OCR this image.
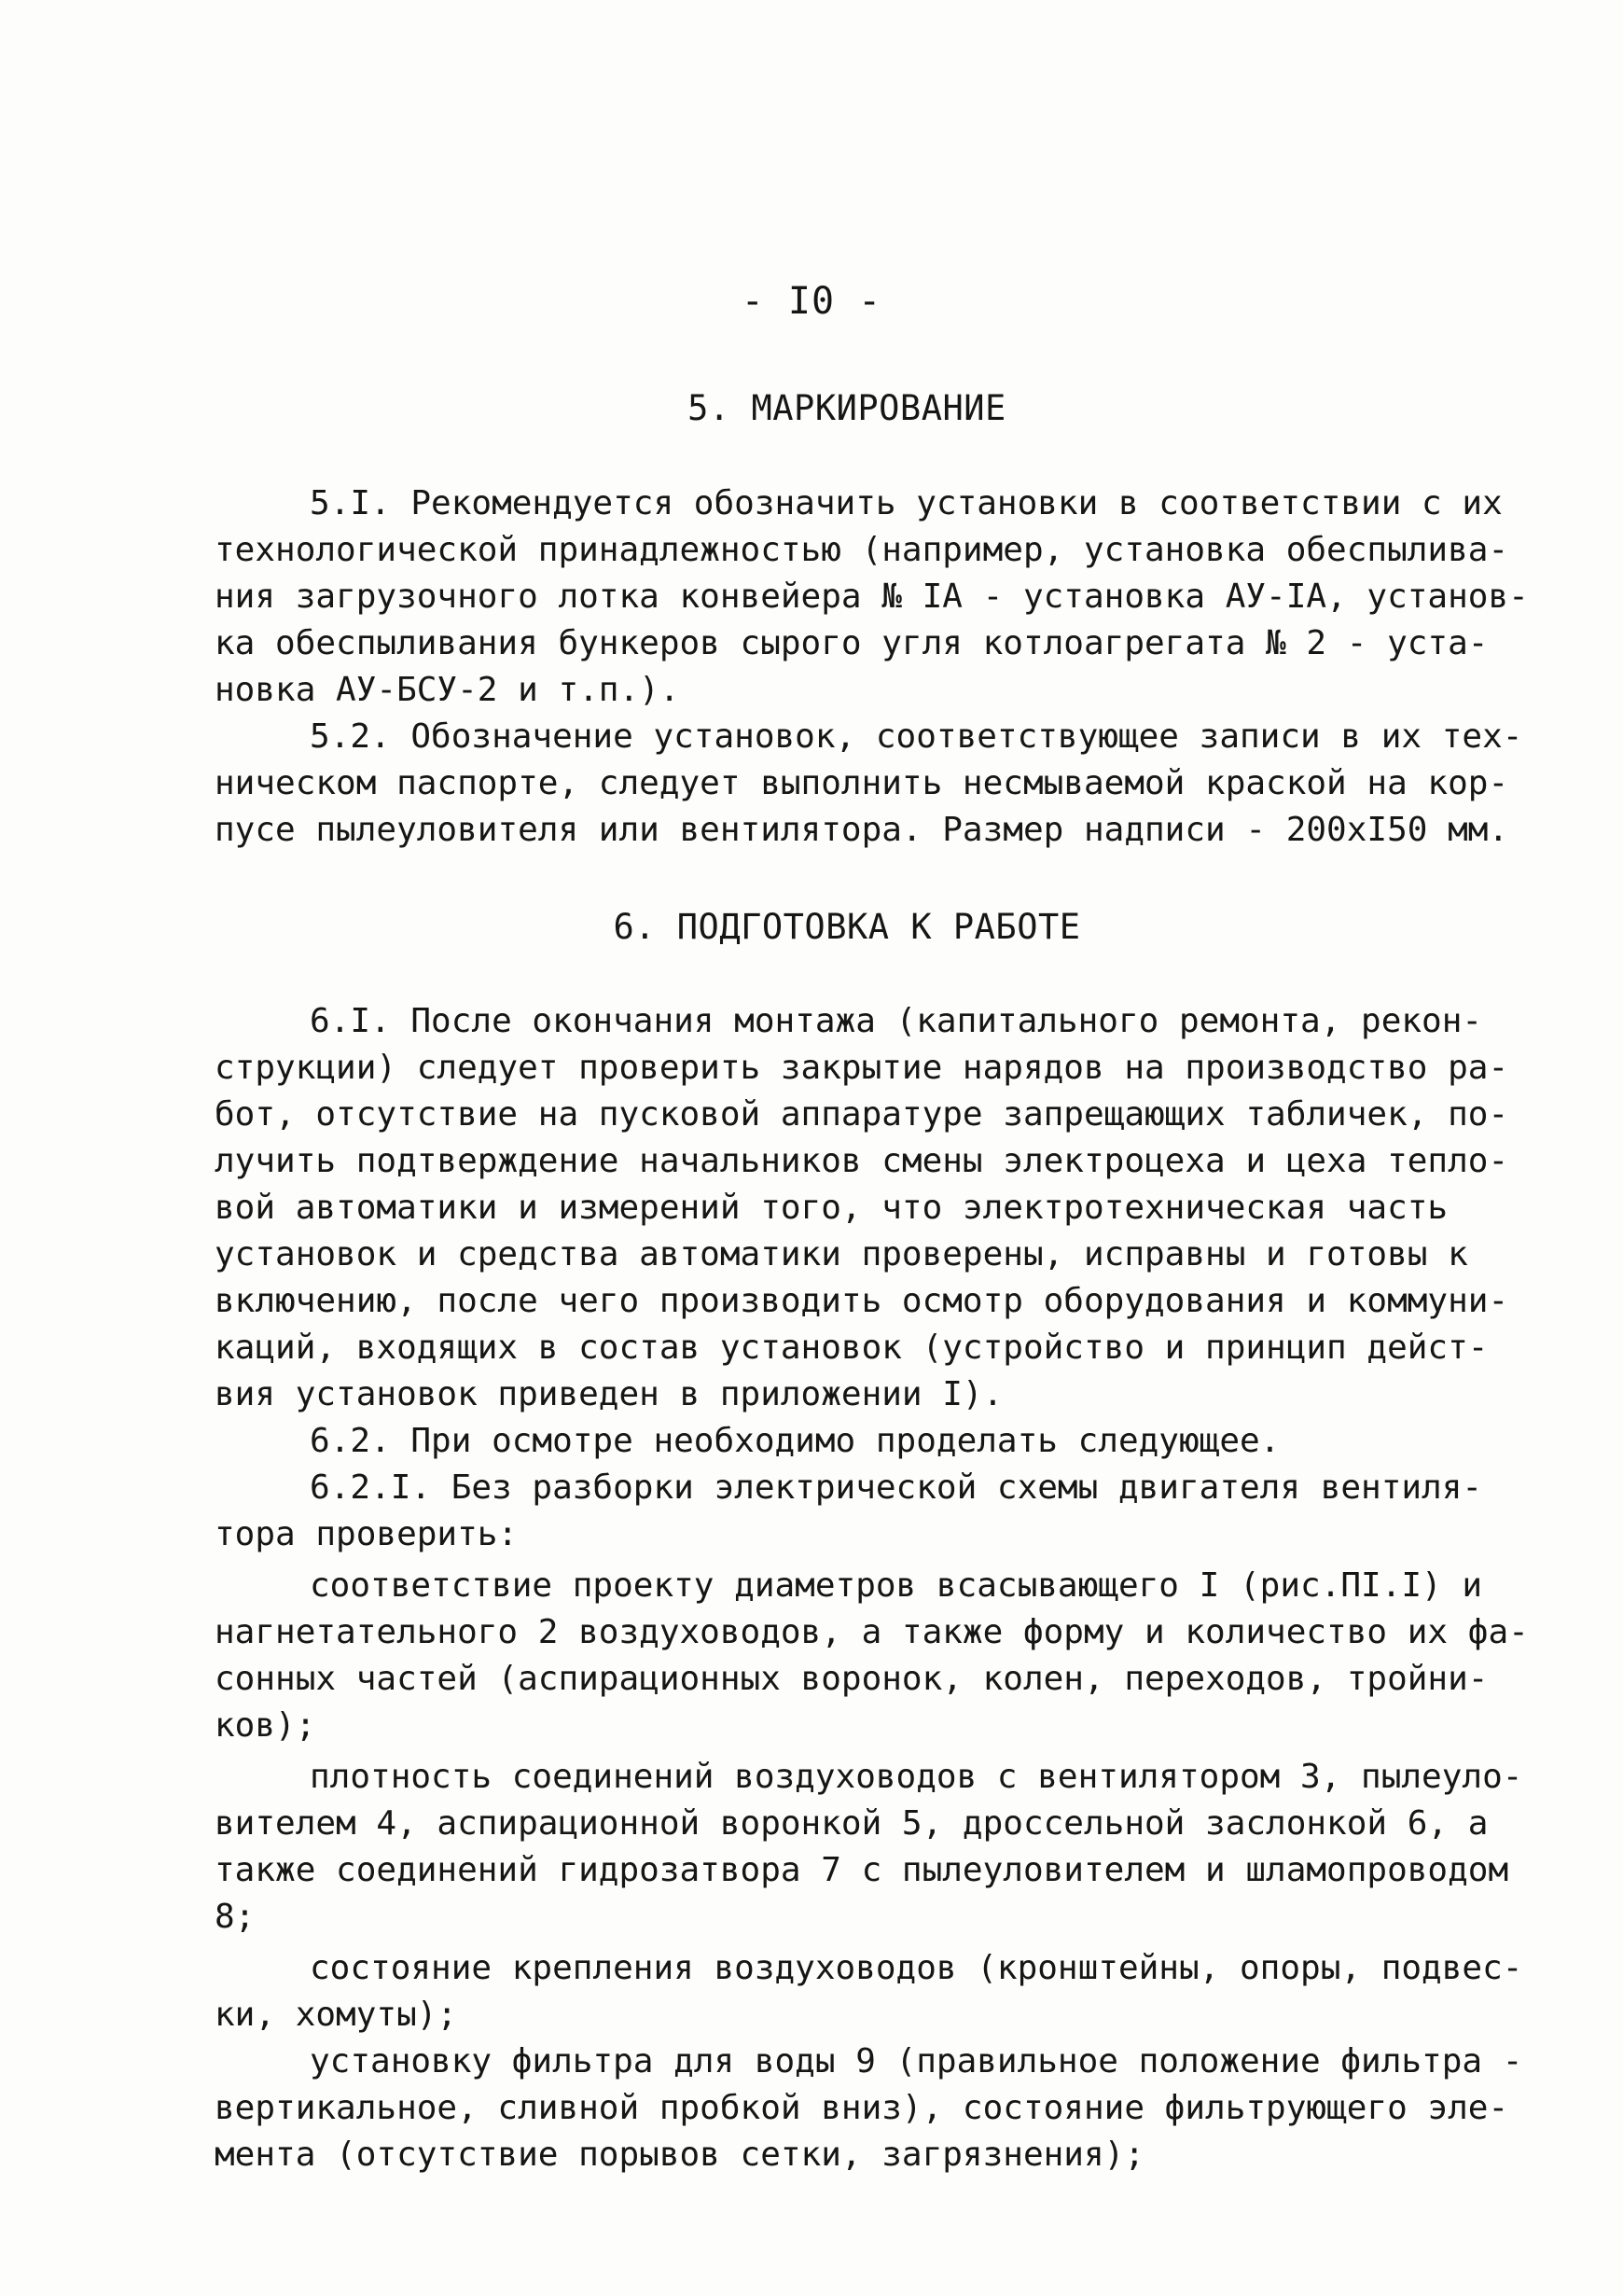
- I0 -
5. МАРКИРОВАНИЕ
5.I. Рекомендуется обозначить установки в соответствии с их
технологической принадлежностью (например, установка обеспылива-
ния загрузочного лотка конвейера № IА - установка АУ-IА, установ-
ка обеспыливания бункеров сырого угля котлоагрегата № 2 - уста-
новка АУ-БСУ-2 и т.п.).
5.2. Обозначение установок, соответствующее записи в их тех-
ническом паспорте, следует выполнить несмываемой краской на кор-
пусе пылеуловителя или вентилятора. Размер надписи - 200хI50 мм.
6. ПОДГОТОВКА К РАБОТЕ
6.I. После окончания монтажа (капитального ремонта, рекон-
струкции) следует проверить закрытие нарядов на производство ра-
бот, отсутствие на пусковой аппаратуре запрещающих табличек, по-
лучить подтверждение начальников смены электроцеха и цеха тепло-
вой автоматики и измерений того, что электротехническая часть
установок и средства автоматики проверены, исправны и готовы к
включению, после чего производить осмотр оборудования и коммуни-
каций, входящих в состав установок (устройство и принцип дейст-
вия установок приведен в приложении I).
6.2. При осмотре необходимо проделать следующее.
6.2.I. Без разборки электрической схемы двигателя вентиля-
тора проверить:
соответствие проекту диаметров всасывающего I (рис.ПI.I) и
нагнетательного 2 воздуховодов, а также форму и количество их фа-
сонных частей (аспирационных воронок, колен, переходов, тройни-
ков);
плотность соединений воздуховодов с вентилятором 3, пылеуло-
вителем 4, аспирационной воронкой 5, дроссельной заслонкой 6, а
также соединений гидрозатвора 7 с пылеуловителем и шламопроводом
8;
состояние крепления воздуховодов (кронштейны, опоры, подвес-
ки, хомуты);
установку фильтра для воды 9 (правильное положение фильтра -
вертикальное, сливной пробкой вниз), состояние фильтрующего эле-
мента (отсутствие порывов сетки, загрязнения);
